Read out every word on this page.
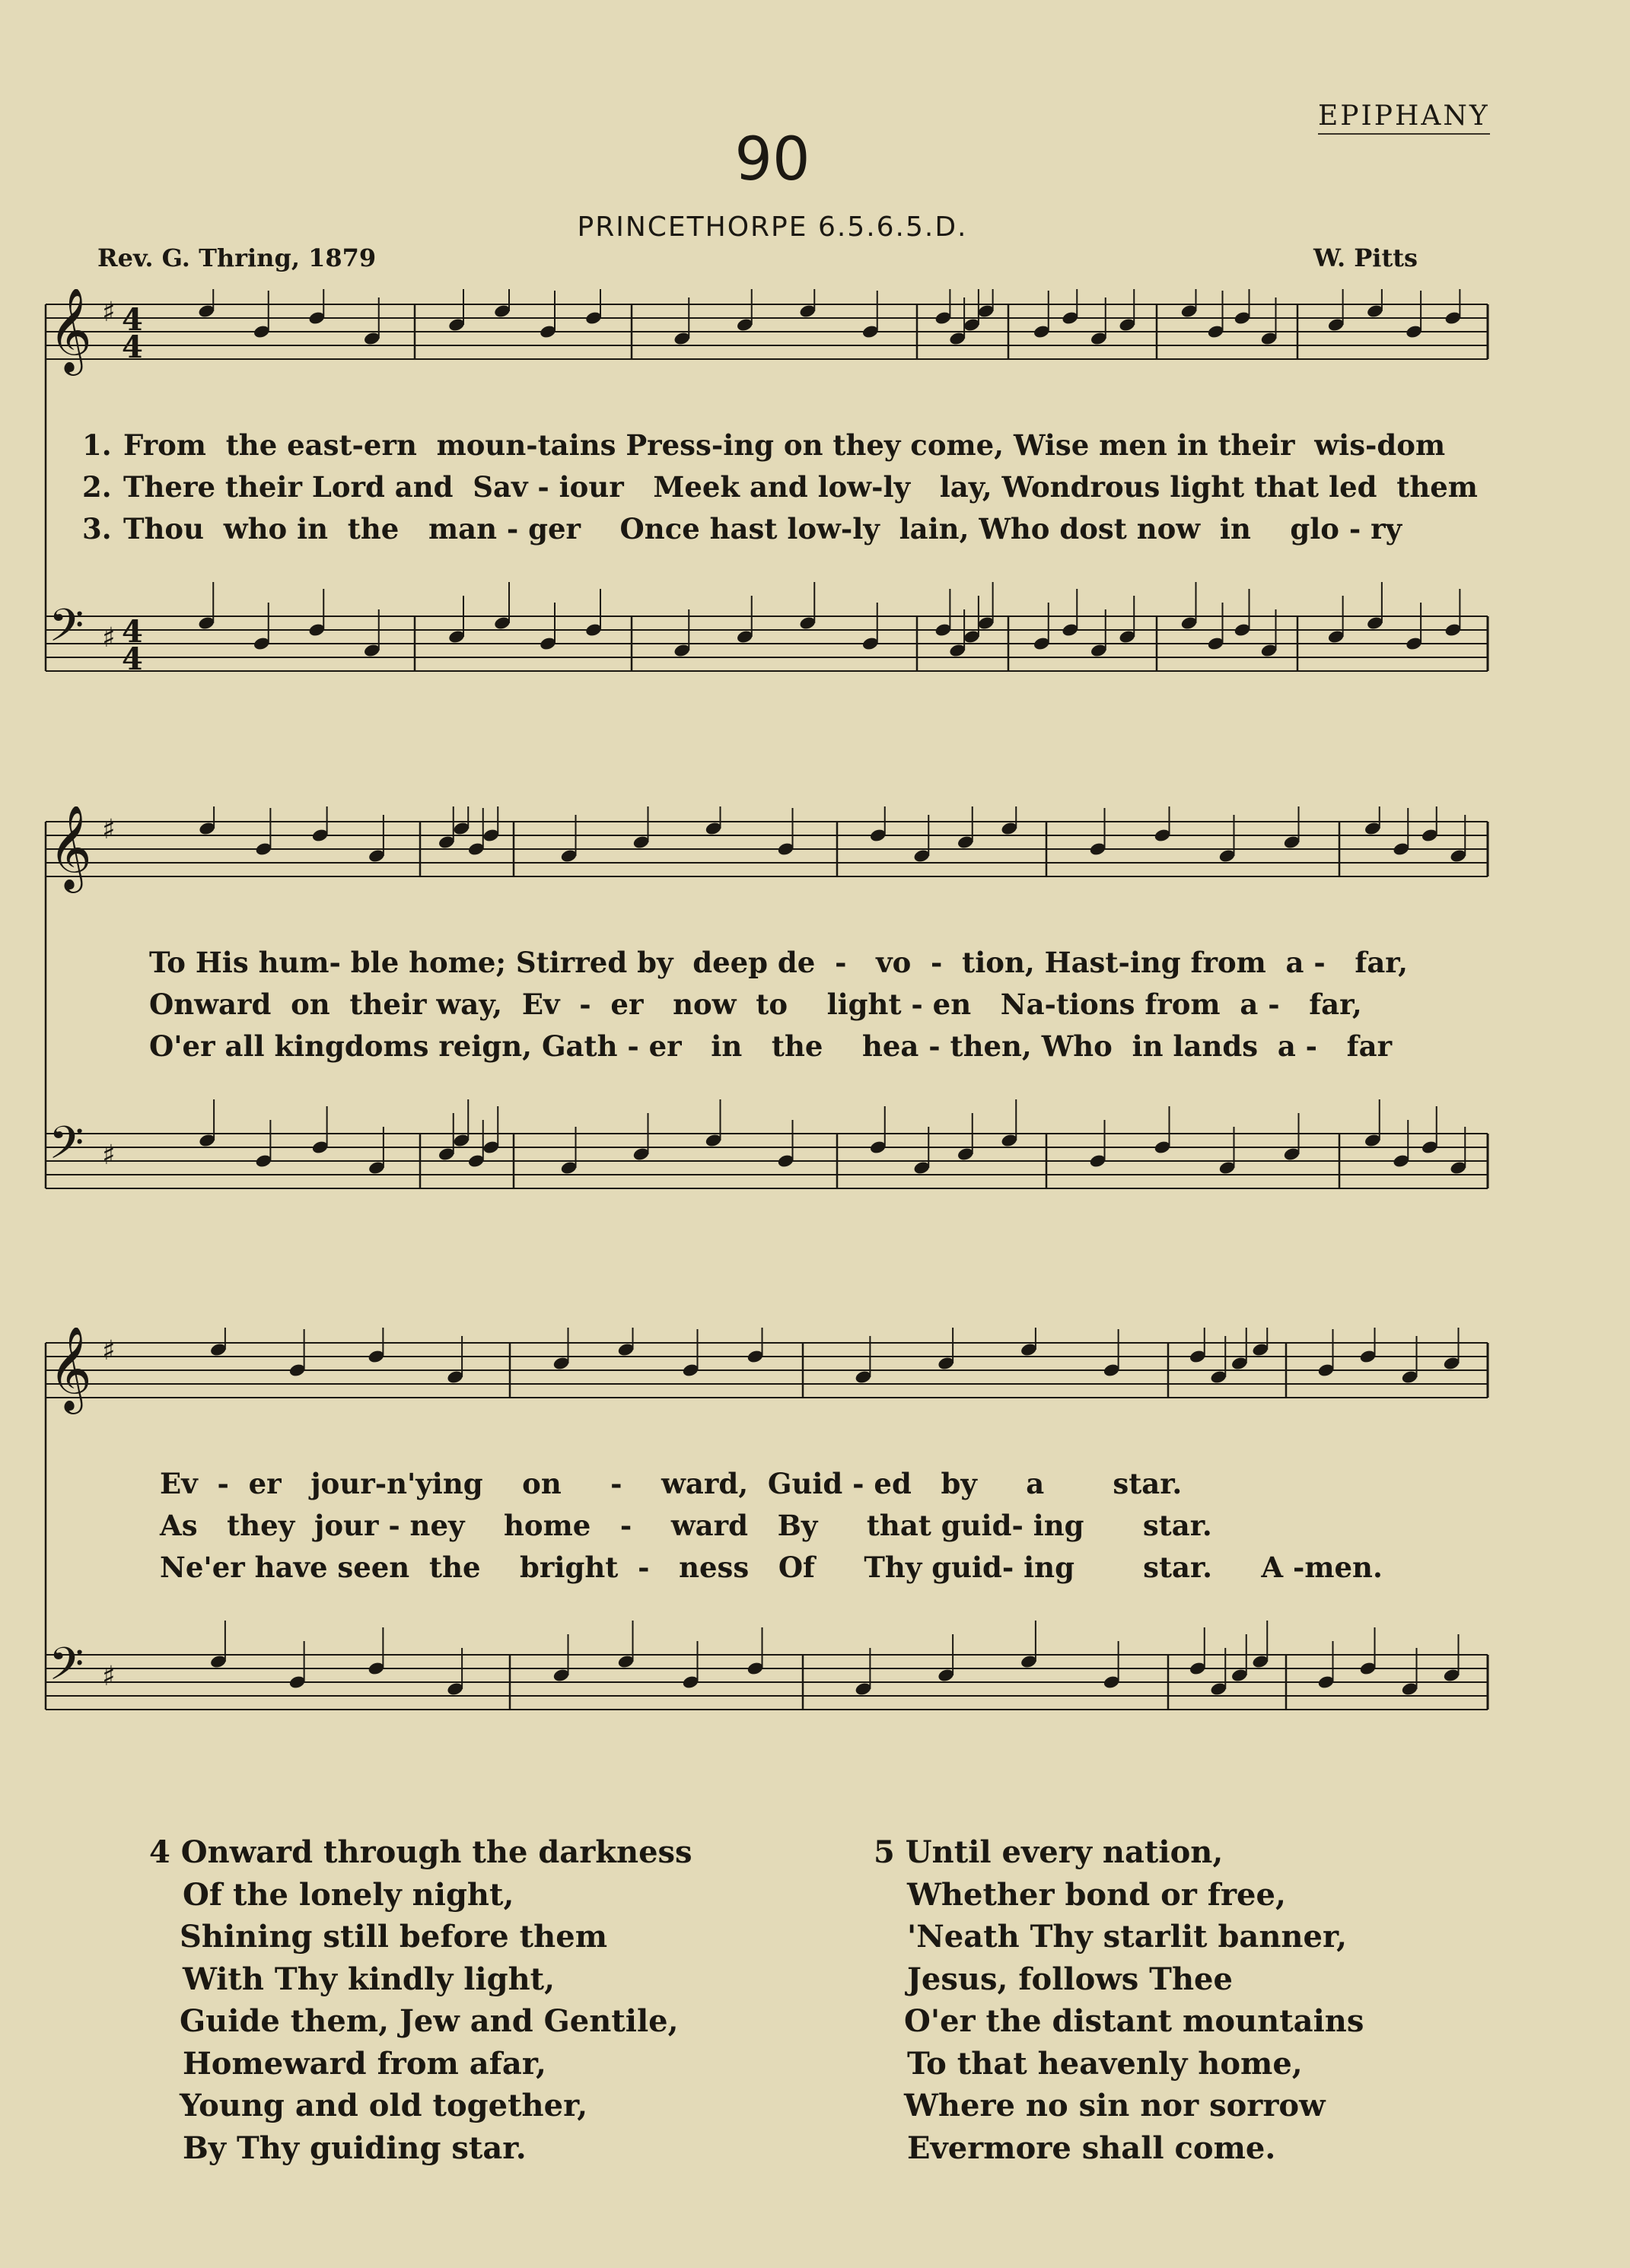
EPIPHANY
90
PRINCETHORPE 6.5.6.5.D.
Rev. G. Thring, 1879	W. Pitts
𝄞 ♯ 4
4
𝄢 ♯ 4
4
1. From  the east-ern  moun-tains Press-ing on they come, Wise men in their  wis-dom
2. There their Lord and  Sav - iour   Meek and low-ly   lay, Wondrous light that led  them
3. Thou  who in  the   man - ger    Once hast low-ly  lain, Who dost now  in    glo - ry
𝄞 ♯
𝄢 ♯
To His hum- ble home; Stirred by  deep de  -   vo  -  tion, Hast-ing from  a -   far,
Onward  on  their way,  Ev  -  er   now  to    light - en   Na-tions from  a -   far,
O'er all kingdoms reign, Gath - er   in   the    hea - then, Who  in lands  a -   far
𝄞 ♯
𝄢 ♯
Ev  -  er   jour-n'ying    on     -    ward,  Guid - ed   by     a       star.
As   they  jour - ney    home   -    ward   By     that guid- ing      star.
Ne'er have seen  the    bright  -   ness   Of     Thy guid- ing       star.     A -men.
4 Onward through the darkness
Of the lonely night,
Shining still before them
With Thy kindly light,
Guide them, Jew and Gentile,
Homeward from afar,
Young and old together,
By Thy guiding star.
5 Until every nation,
Whether bond or free,
'Neath Thy starlit banner,
Jesus, follows Thee
O'er the distant mountains
To that heavenly home,
Where no sin nor sorrow
Evermore shall come.
